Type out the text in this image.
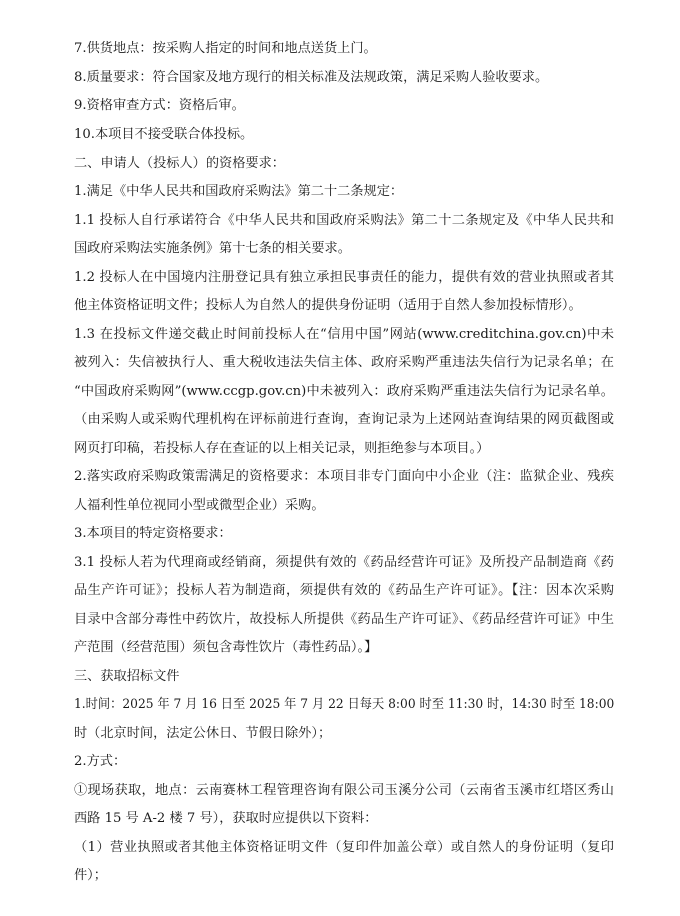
7.供货地点：按采购人指定的时间和地点送货上门。
8.质量要求：符合国家及地方现行的相关标准及法规政策，满足采购人验收要求。
9.资格审查方式：资格后审。
10.本项目不接受联合体投标。
二、申请人（投标人）的资格要求：
1.满足《中华人民共和国政府采购法》第二十二条规定：
1.1 投标人自行承诺符合《中华人民共和国政府采购法》第二十二条规定及《中华人民共和
国政府采购法实施条例》第十七条的相关要求。
1.2 投标人在中国境内注册登记具有独立承担民事责任的能力，提供有效的营业执照或者其
他主体资格证明文件；投标人为自然人的提供身份证明（适用于自然人参加投标情形）。
1.3 在投标文件递交截止时间前投标人在“信用中国”网站(www.creditchina.gov.cn)中未
被列入：失信被执行人、重大税收违法失信主体、政府采购严重违法失信行为记录名单；在
“中国政府采购网”(www.ccgp.gov.cn)中未被列入：政府采购严重违法失信行为记录名单。
（由采购人或采购代理机构在评标前进行查询，查询记录为上述网站查询结果的网页截图或
网页打印稿，若投标人存在查证的以上相关记录，则拒绝参与本项目。）
2.落实政府采购政策需满足的资格要求：本项目非专门面向中小企业（注：监狱企业、残疾
人福利性单位视同小型或微型企业）采购。
3.本项目的特定资格要求：
3.1 投标人若为代理商或经销商，须提供有效的《药品经营许可证》及所投产品制造商《药
品生产许可证》；投标人若为制造商，须提供有效的《药品生产许可证》。【注：因本次采购
目录中含部分毒性中药饮片，故投标人所提供《药品生产许可证》、《药品经营许可证》中生
产范围（经营范围）须包含毒性饮片（毒性药品）。】
三、获取招标文件
1.时间：2025 年 7 月 16 日至 2025 年 7 月 22 日每天 8:00 时至 11:30 时，14:30 时至 18:00
时（北京时间，法定公休日、节假日除外）；
2.方式：
①现场获取，地点：云南赛林工程管理咨询有限公司玉溪分公司（云南省玉溪市红塔区秀山
西路 15 号 A-2 楼 7 号），获取时应提供以下资料：
（1）营业执照或者其他主体资格证明文件（复印件加盖公章）或自然人的身份证明（复印
件）；
